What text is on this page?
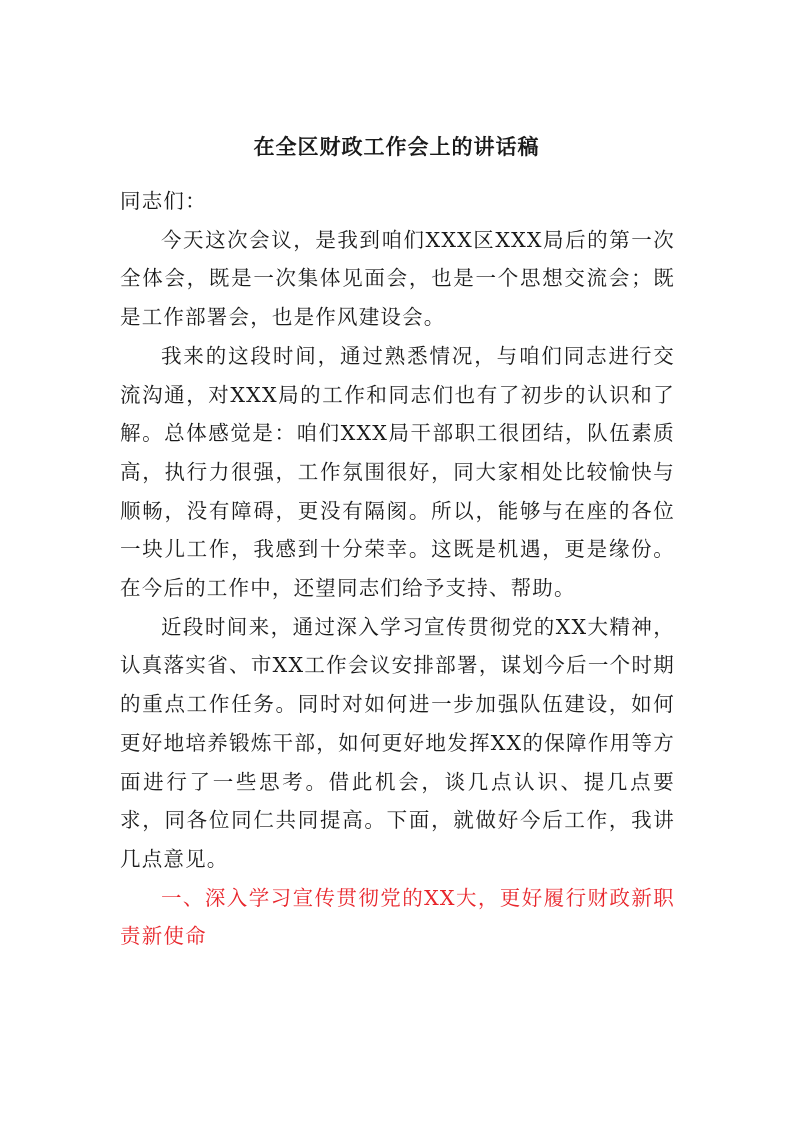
在全区财政工作会上的讲话稿

同志们：

今天这次会议，是我到咱们XXX区XXX局后的第一次全体会，既是一次集体见面会，也是一个思想交流会；既是工作部署会，也是作风建设会。

我来的这段时间，通过熟悉情况，与咱们同志进行交流沟通，对XXX局的工作和同志们也有了初步的认识和了解。总体感觉是：咱们XXX局干部职工很团结，队伍素质高，执行力很强，工作氛围很好，同大家相处比较愉快与顺畅，没有障碍，更没有隔阂。所以，能够与在座的各位一块儿工作，我感到十分荣幸。这既是机遇，更是缘份。在今后的工作中，还望同志们给予支持、帮助。

近段时间来，通过深入学习宣传贯彻党的XX大精神，认真落实省、市XX工作会议安排部署，谋划今后一个时期的重点工作任务。同时对如何进一步加强队伍建设，如何更好地培养锻炼干部，如何更好地发挥XX的保障作用等方面进行了一些思考。借此机会，谈几点认识、提几点要求，同各位同仁共同提高。下面，就做好今后工作，我讲几点意见。

一、深入学习宣传贯彻党的XX大，更好履行财政新职责新使命
